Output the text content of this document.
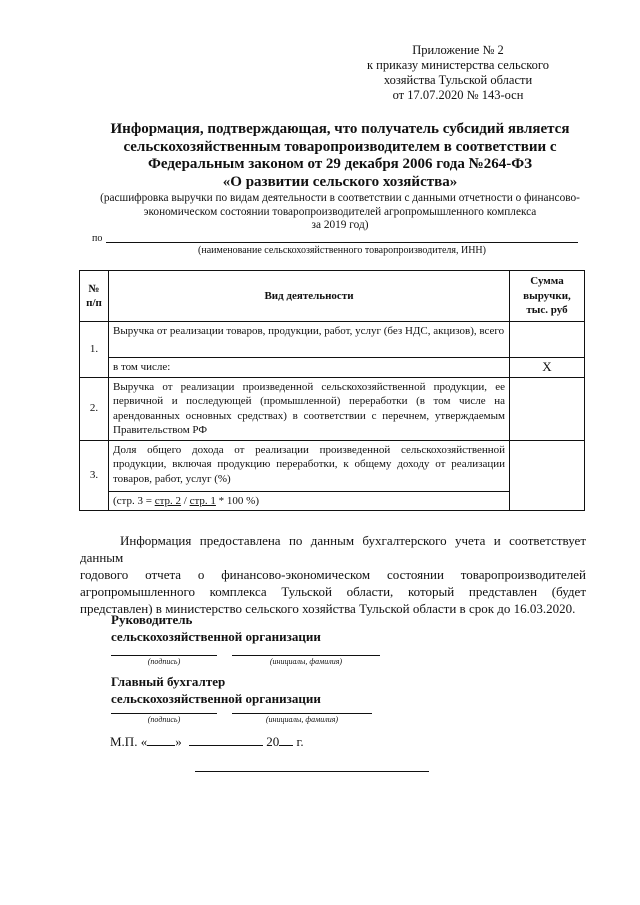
Приложение № 2
к приказу министерства сельского
хозяйства Тульской области
от 17.07.2020 № 143-осн
Информация, подтверждающая, что получатель субсидий является
сельскохозяйственным товаропроизводителем в соответствии с
Федеральным законом от 29 декабря 2006 года №264-ФЗ
«О развитии сельского хозяйства»
(расшифровка выручки по видам деятельности в соответствии с данными отчетности о финансово-
экономическом состоянии товаропроизводителей агропромышленного комплекса
за 2019 год)
по
(наименование сельскохозяйственного товаропроизводителя, ИНН)
№ п/п	Вид деятельности	Сумма выручки, тыс. руб
1.	Выручка от реализации товаров, продукции, работ, услуг (без НДС, акцизов), всего	
	в том числе:	X
2.	Выручка от реализации произведенной сельскохозяйственной продукции, ее первичной и последующей (промышленной) переработки (в том числе на арендованных основных средствах) в соответствии с перечнем, утверждаемым Правительством РФ	
3.	Доля общего дохода от реализации произведенной сельскохозяйственной продукции, включая продукцию переработки, к общему доходу от реализации товаров, работ, услуг (%)	
	(стр. 3 = стр. 2 / стр. 1 * 100 %)	
Информация предоставлена по данным бухгалтерского учета и соответствует данным
годового отчета о финансово-экономическом состоянии товаропроизводителей агропромышленного комплекса Тульской области, который представлен (будет представлен) в министерство сельского хозяйства Тульской области в срок до 16.03.2020.
Руководитель
сельскохозяйственной организации
(подпись)	(инициалы, фамилия)
Главный бухгалтер
сельскохозяйственной организации
(подпись)	(инициалы, фамилия)
М.П. « »	20 г.
